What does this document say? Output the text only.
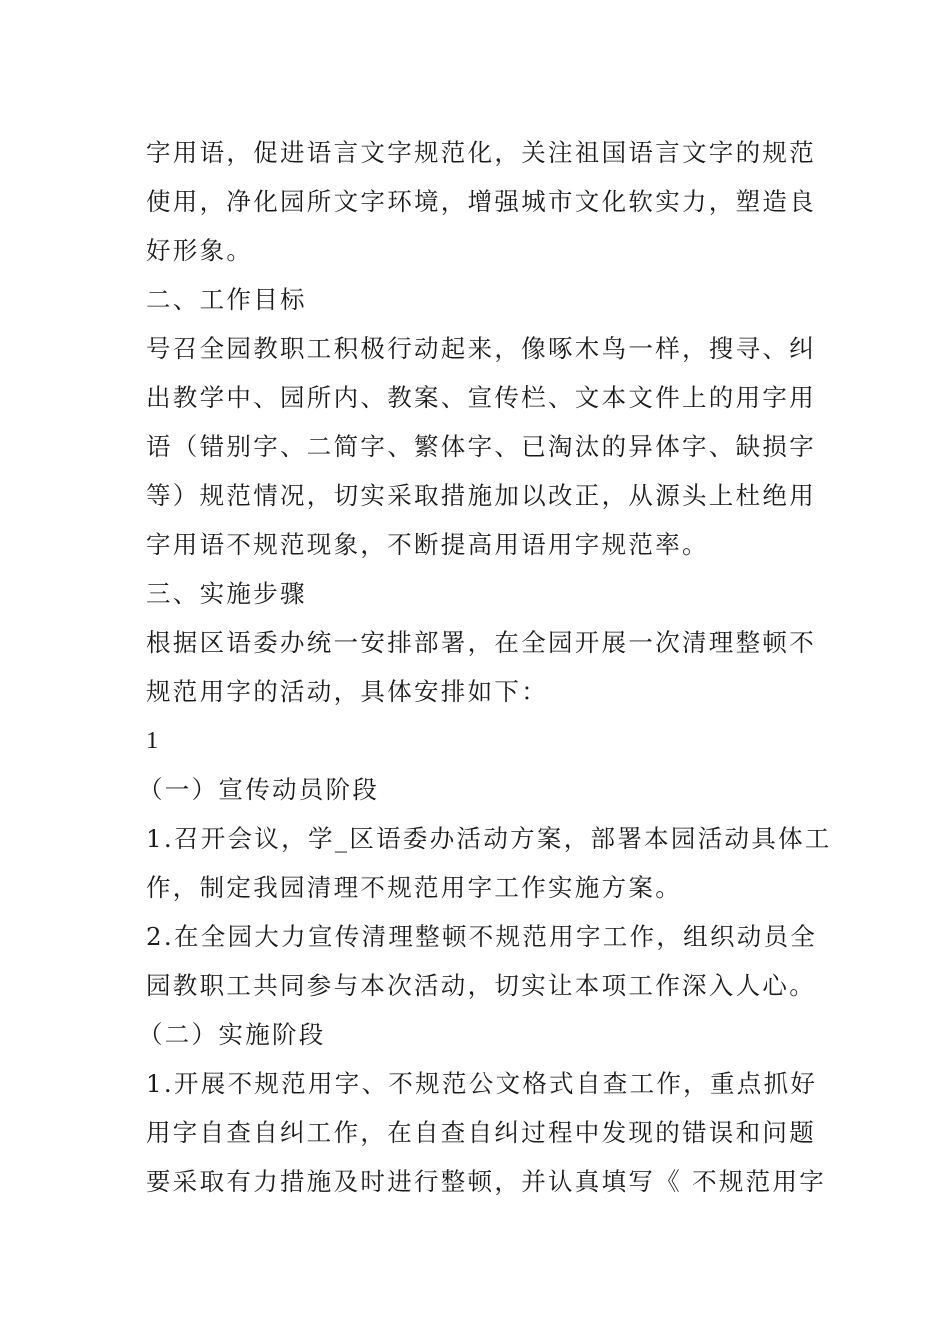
字用语，促进语言文字规范化，关注祖国语言文字的规范
使用，净化园所文字环境，增强城市文化软实力，塑造良
好形象。
二、工作目标
号召全园教职工积极行动起来，像啄木鸟一样，搜寻、纠
出教学中、园所内、教案、宣传栏、文本文件上的用字用
语（错别字、二简字、繁体字、已淘汰的异体字、缺损字
等）规范情况，切实采取措施加以改正，从源头上杜绝用
字用语不规范现象，不断提高用语用字规范率。
三、实施步骤
根据区语委办统一安排部署，在全园开展一次清理整顿不
规范用字的活动，具体安排如下：
1
（一）宣传动员阶段
1.召开会议，学_区语委办活动方案，部署本园活动具体工
作，制定我园清理不规范用字工作实施方案。
2.在全园大力宣传清理整顿不规范用字工作，组织动员全
园教职工共同参与本次活动，切实让本项工作深入人心。
（二）实施阶段
1.开展不规范用字、不规范公文格式自查工作，重点抓好
用字自查自纠工作，在自查自纠过程中发现的错误和问题
要采取有力措施及时进行整顿，并认真填写《 不规范用字
